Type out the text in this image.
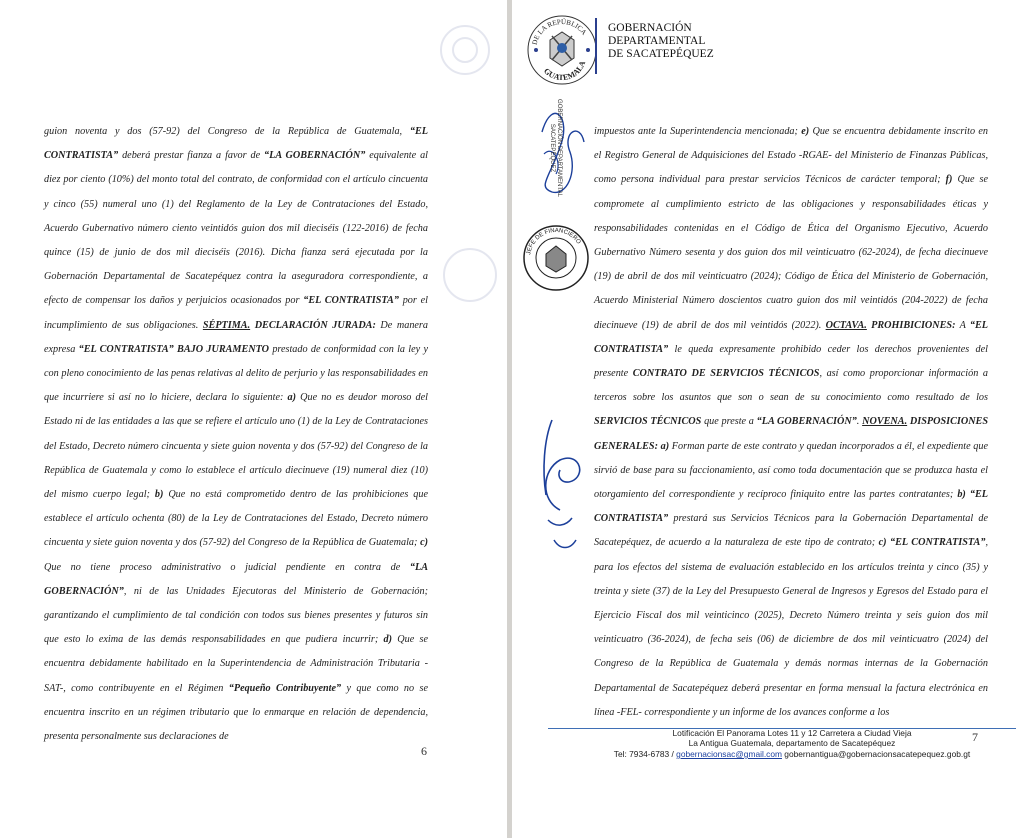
guion noventa y dos (57-92) del Congreso de la República de Guatemala, “EL CONTRATISTA” deberá prestar fianza a favor de “LA GOBERNACIÓN” equivalente al diez por ciento (10%) del monto total del contrato, de conformidad con el artículo cincuenta y cinco (55) numeral uno (1) del Reglamento de la Ley de Contrataciones del Estado, Acuerdo Gubernativo número ciento veintidós guion dos mil dieciséis (122-2016) de fecha quince (15) de junio de dos mil dieciséis (2016). Dicha fianza será ejecutada por la Gobernación Departamental de Sacatepéquez contra la aseguradora correspondiente, a efecto de compensar los daños y perjuicios ocasionados por “EL CONTRATISTA” por el incumplimiento de sus obligaciones. SÉPTIMA. DECLARACIÓN JURADA: De manera expresa “EL CONTRATISTA” BAJO JURAMENTO prestado de conformidad con la ley y con pleno conocimiento de las penas relativas al delito de perjurio y las responsabilidades en que incurriere si así no lo hiciere, declara lo siguiente: a) Que no es deudor moroso del Estado ni de las entidades a las que se refiere el artículo uno (1) de la Ley de Contrataciones del Estado, Decreto número cincuenta y siete guion noventa y dos (57-92) del Congreso de la República de Guatemala y como lo establece el artículo diecinueve (19) numeral diez (10) del mismo cuerpo legal; b) Que no está comprometido dentro de las prohibiciones que establece el artículo ochenta (80) de la Ley de Contrataciones del Estado, Decreto número cincuenta y siete guion noventa y dos (57-92) del Congreso de la República de Guatemala; c) Que no tiene proceso administrativo o judicial pendiente en contra de “LA GOBERNACIÓN”, ni de las Unidades Ejecutoras del Ministerio de Gobernación; garantizando el cumplimiento de tal condición con todos sus bienes presentes y futuros sin que esto lo exima de las demás responsabilidades en que pudiera incurrir; d) Que se encuentra debidamente habilitado en la Superintendencia de Administración Tributaria -SAT-, como contribuyente en el Régimen “Pequeño Contribuyente” y que como no se encuentra inscrito en un régimen tributario que lo enmarque en relación de dependencia, presenta personalmente sus declaraciones de
6
DE LA REPÚBLICA
GUATEMALA
GOBERNACIÓN
DEPARTAMENTAL
DE SACATEPÉQUEZ
GOBERNACIÓN DEPARTAMENTAL SACATEPÉQUEZ
JEFE DE FINANCIERO
impuestos ante la Superintendencia mencionada; e) Que se encuentra debidamente inscrito en el Registro General de Adquisiciones del Estado -RGAE- del Ministerio de Finanzas Públicas, como persona individual para prestar servicios Técnicos de carácter temporal; f) Que se compromete al cumplimiento estricto de las obligaciones y responsabilidades éticas y responsabilidades contenidas en el Código de Ética del Organismo Ejecutivo, Acuerdo Gubernativo Número sesenta y dos guion dos mil veinticuatro (62-2024), de fecha diecinueve (19) de abril de dos mil veinticuatro (2024); Código de Ética del Ministerio de Gobernación, Acuerdo Ministerial Número doscientos cuatro guion dos mil veintidós (204-2022) de fecha diecinueve (19) de abril de dos mil veintidós (2022). OCTAVA. PROHIBICIONES: A “EL CONTRATISTA” le queda expresamente prohibido ceder los derechos provenientes del presente CONTRATO DE SERVICIOS TÉCNICOS, así como proporcionar información a terceros sobre los asuntos que son o sean de su conocimiento como resultado de los SERVICIOS TÉCNICOS que preste a “LA GOBERNACIÓN”. NOVENA. DISPOSICIONES GENERALES: a) Forman parte de este contrato y quedan incorporados a él, el expediente que sirvió de base para su faccionamiento, así como toda documentación que se produzca hasta el otorgamiento del correspondiente y recíproco finiquito entre las partes contratantes; b) “EL CONTRATISTA” prestará sus Servicios Técnicos para la Gobernación Departamental de Sacatepéquez, de acuerdo a la naturaleza de este tipo de contrato; c) “EL CONTRATISTA”, para los efectos del sistema de evaluación establecido en los artículos treinta y cinco (35) y treinta y siete (37) de la Ley del Presupuesto General de Ingresos y Egresos del Estado para el Ejercicio Fiscal dos mil veinticinco (2025), Decreto Número treinta y seis guion dos mil veinticuatro (36-2024), de fecha seis (06) de diciembre de dos mil veinticuatro (2024) del Congreso de la República de Guatemala y demás normas internas de la Gobernación Departamental de Sacatepéquez deberá presentar en forma mensual la factura electrónica en línea -FEL- correspondiente y un informe de los avances conforme a los
7
Lotificación El Panorama Lotes 11 y 12 Carretera a Ciudad Vieja
La Antigua Guatemala, departamento de Sacatepéquez
Tel: 7934-6783 / gobernacionsac@gmail.com gobernantigua@gobernacionsacatepequez.gob.gt
